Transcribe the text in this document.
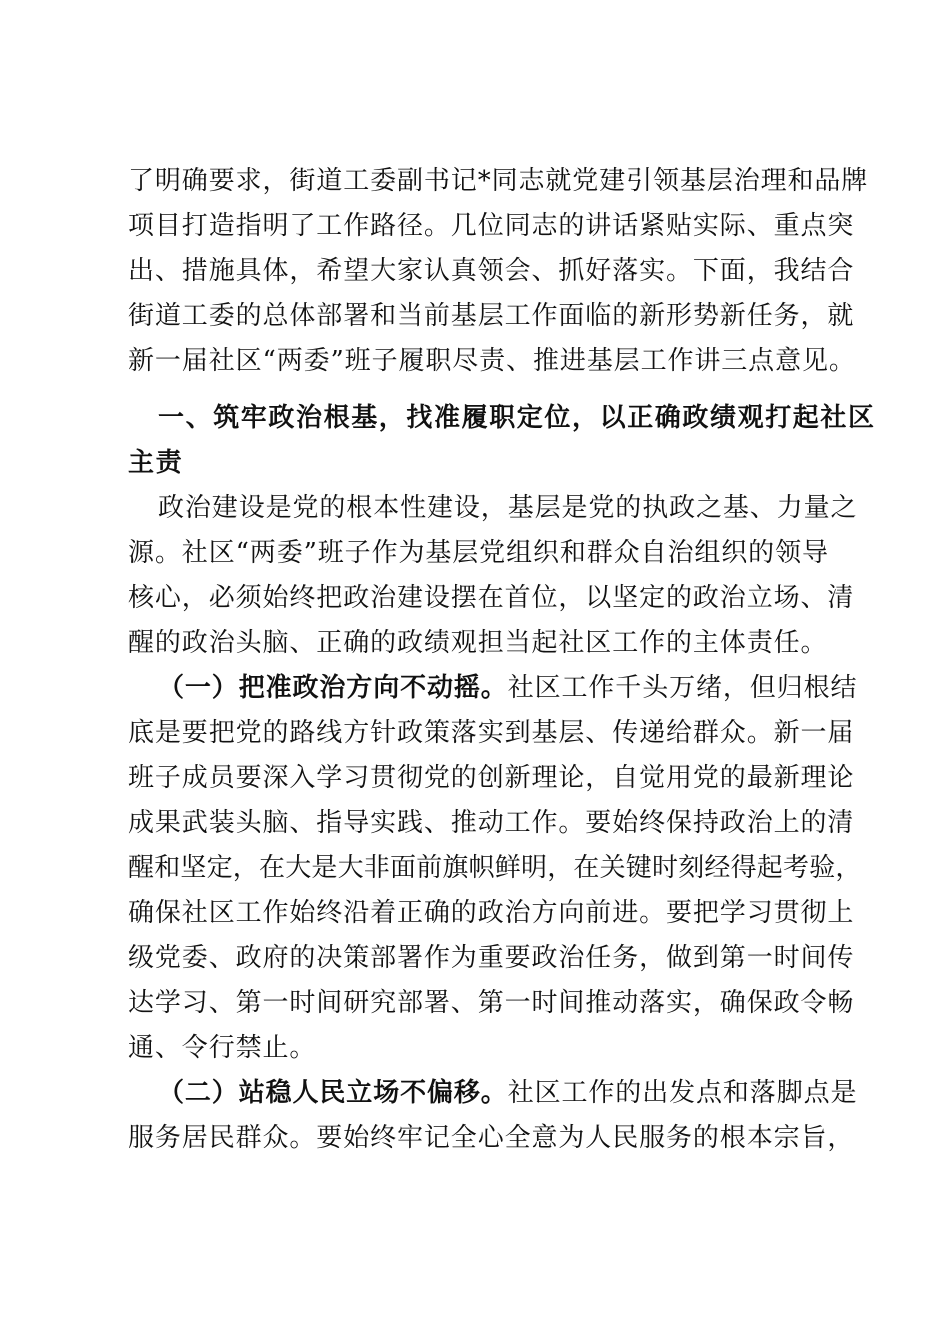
了明确要求，街道工委副书记*同志就党建引领基层治理和品牌
项目打造指明了工作路径。几位同志的讲话紧贴实际、重点突
出、措施具体，希望大家认真领会、抓好落实。下面，我结合
街道工委的总体部署和当前基层工作面临的新形势新任务，就
新一届社区“两委”班子履职尽责、推进基层工作讲三点意见。
一、筑牢政治根基，找准履职定位，以正确政绩观打起社区
主责
政治建设是党的根本性建设，基层是党的执政之基、力量之
源。社区“两委”班子作为基层党组织和群众自治组织的领导
核心，必须始终把政治建设摆在首位，以坚定的政治立场、清
醒的政治头脑、正确的政绩观担当起社区工作的主体责任。
（一）把准政治方向不动摇。社区工作千头万绪，但归根结
底是要把党的路线方针政策落实到基层、传递给群众。新一届
班子成员要深入学习贯彻党的创新理论，自觉用党的最新理论
成果武装头脑、指导实践、推动工作。要始终保持政治上的清
醒和坚定，在大是大非面前旗帜鲜明，在关键时刻经得起考验，
确保社区工作始终沿着正确的政治方向前进。要把学习贯彻上
级党委、政府的决策部署作为重要政治任务，做到第一时间传
达学习、第一时间研究部署、第一时间推动落实，确保政令畅
通、令行禁止。
（二）站稳人民立场不偏移。社区工作的出发点和落脚点是
服务居民群众。要始终牢记全心全意为人民服务的根本宗旨，
